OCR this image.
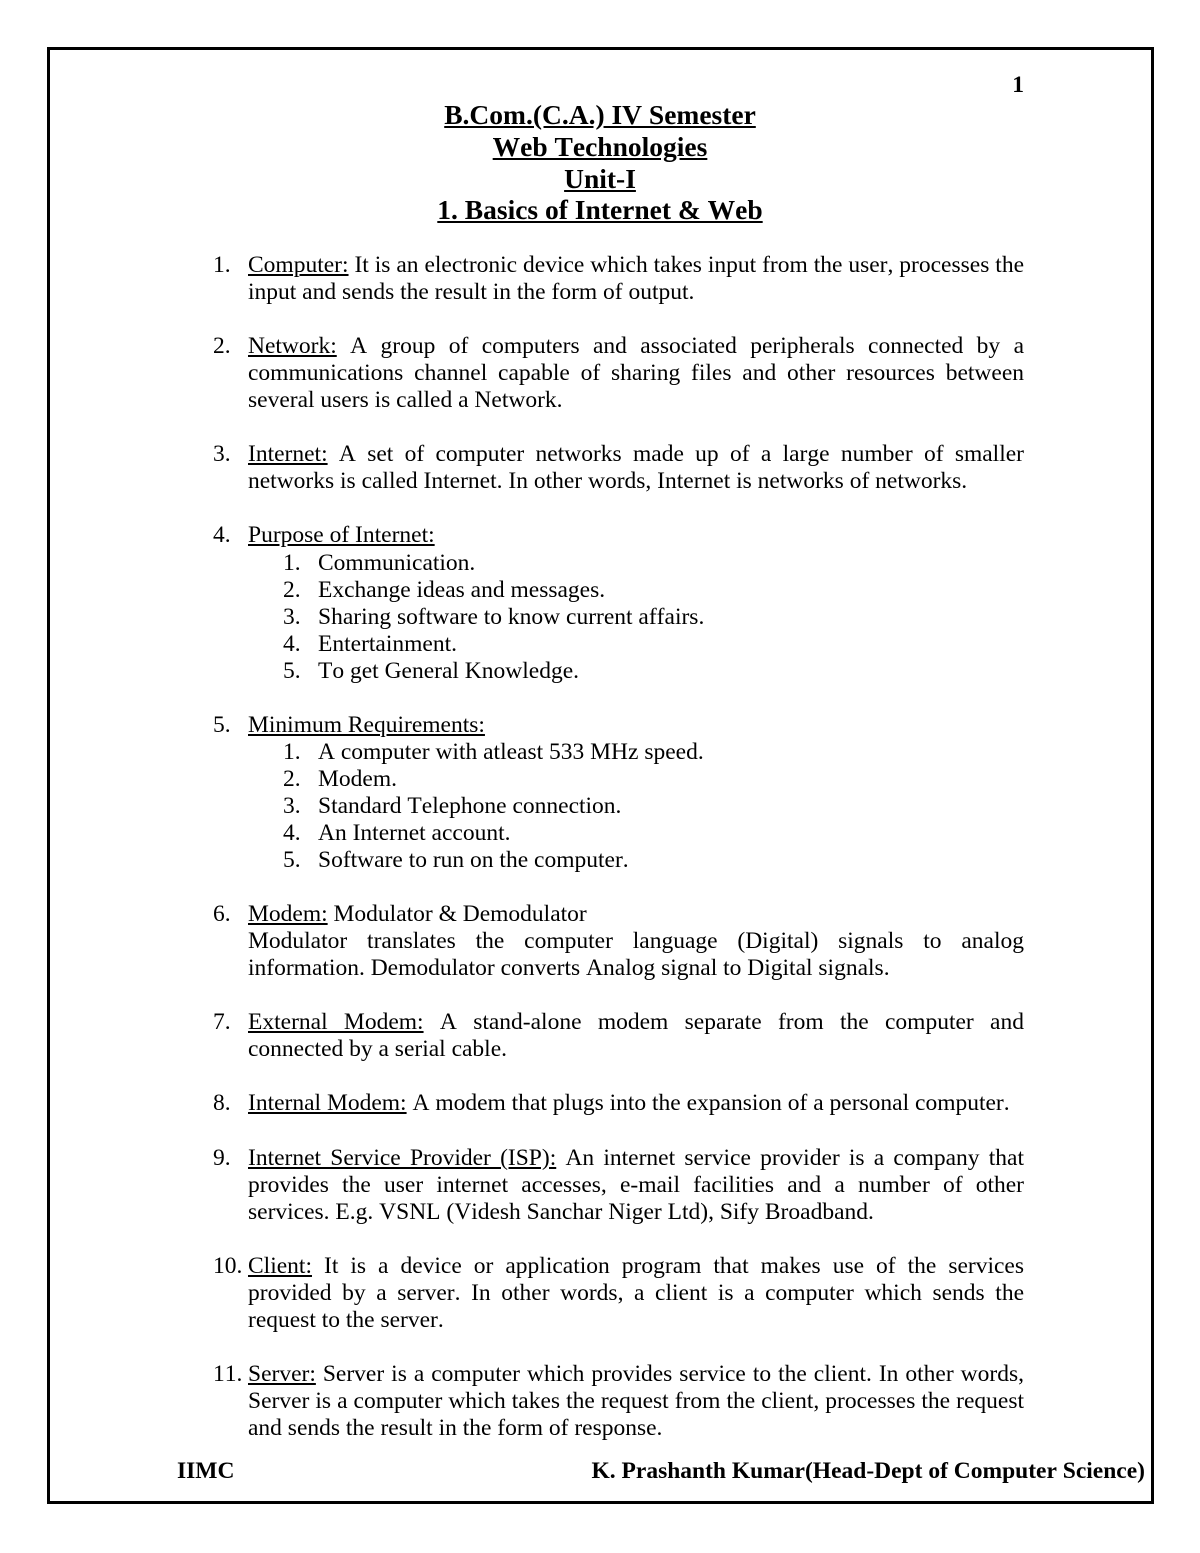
1
B.Com.(C.A.) IV Semester
Web Technologies
Unit-I
1. Basics of Internet & Web
1. Computer: It is an electronic device which takes input from the user, processes the
input and sends the result in the form of output.
2. Network: A group of computers and associated peripherals connected by a
communications channel capable of sharing files and other resources between
several users is called a Network.
3. Internet: A set of computer networks made up of a large number of smaller
networks is called Internet. In other words, Internet is networks of networks.
4. Purpose of Internet:
1. Communication.
2. Exchange ideas and messages.
3. Sharing software to know current affairs.
4. Entertainment.
5. To get General Knowledge.
5. Minimum Requirements:
1. A computer with atleast 533 MHz speed.
2. Modem.
3. Standard Telephone connection.
4. An Internet account.
5. Software to run on the computer.
6. Modem: Modulator & Demodulator
Modulator translates the computer language (Digital) signals to analog
information. Demodulator converts Analog signal to Digital signals.
7. External Modem: A stand-alone modem separate from the computer and
connected by a serial cable.
8. Internal Modem: A modem that plugs into the expansion of a personal computer.
9. Internet Service Provider (ISP): An internet service provider is a company that
provides the user internet accesses, e-mail facilities and a number of other
services. E.g. VSNL (Videsh Sanchar Niger Ltd), Sify Broadband.
10. Client: It is a device or application program that makes use of the services
provided by a server. In other words, a client is a computer which sends the
request to the server.
11. Server: Server is a computer which provides service to the client. In other words,
Server is a computer which takes the request from the client, processes the request
and sends the result in the form of response.
IIMC	K. Prashanth Kumar(Head-Dept of Computer Science)
